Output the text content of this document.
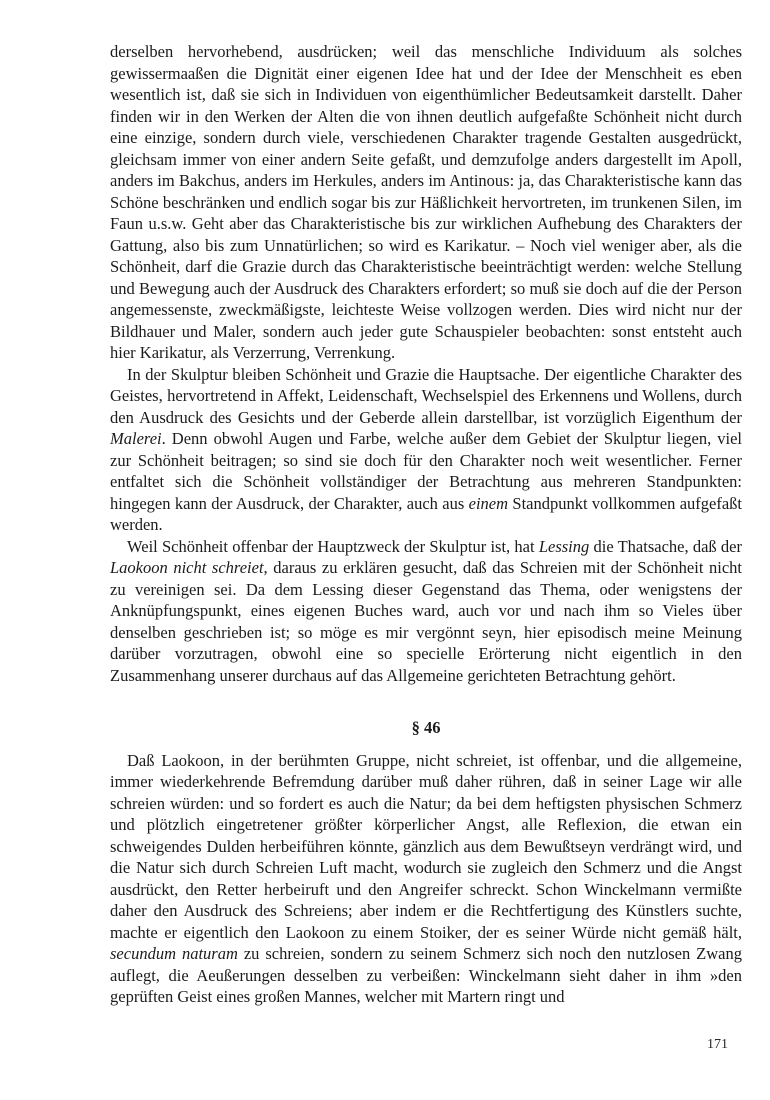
derselben hervorhebend, ausdrücken; weil das menschliche Individuum als solches gewissermaaßen die Dignität einer eigenen Idee hat und der Idee der Menschheit es eben wesentlich ist, daß sie sich in Individuen von eigenthümlicher Bedeutsamkeit darstellt. Daher finden wir in den Werken der Alten die von ihnen deutlich aufgefaßte Schönheit nicht durch eine einzige, sondern durch viele, verschiedenen Charakter tragende Gestalten ausgedrückt, gleichsam immer von einer andern Seite gefaßt, und demzufolge anders dargestellt im Apoll, anders im Bakchus, anders im Herkules, anders im Antinous: ja, das Charakteristische kann das Schöne beschränken und endlich sogar bis zur Häßlichkeit hervortreten, im trunkenen Silen, im Faun u.s.w. Geht aber das Charakteristische bis zur wirklichen Aufhebung des Charakters der Gattung, also bis zum Unnatürlichen; so wird es Karikatur. – Noch viel weniger aber, als die Schönheit, darf die Grazie durch das Charakteristische beeinträchtigt werden: welche Stellung und Bewegung auch der Ausdruck des Charakters erfordert; so muß sie doch auf die der Person angemessenste, zweckmäßigste, leichteste Weise vollzogen werden. Dies wird nicht nur der Bildhauer und Maler, sondern auch jeder gute Schauspieler beobachten: sonst entsteht auch hier Karikatur, als Verzerrung, Verrenkung.

In der Skulptur bleiben Schönheit und Grazie die Hauptsache. Der eigentliche Charakter des Geistes, hervortretend in Affekt, Leidenschaft, Wechselspiel des Erkennens und Wollens, durch den Ausdruck des Gesichts und der Geberde allein darstellbar, ist vorzüglich Eigenthum der Malerei. Denn obwohl Augen und Farbe, welche außer dem Gebiet der Skulptur liegen, viel zur Schönheit beitragen; so sind sie doch für den Charakter noch weit wesentlicher. Ferner entfaltet sich die Schönheit vollständiger der Betrachtung aus mehreren Standpunkten: hingegen kann der Ausdruck, der Charakter, auch aus einem Standpunkt vollkommen aufgefaßt werden.

Weil Schönheit offenbar der Hauptzweck der Skulptur ist, hat Lessing die Thatsache, daß der Laokoon nicht schreiet, daraus zu erklären gesucht, daß das Schreien mit der Schönheit nicht zu vereinigen sei. Da dem Lessing dieser Gegenstand das Thema, oder wenigstens der Anknüpfungspunkt, eines eigenen Buches ward, auch vor und nach ihm so Vieles über denselben geschrieben ist; so möge es mir vergönnt seyn, hier episodisch meine Meinung darüber vorzutragen, obwohl eine so specielle Erörterung nicht eigentlich in den Zusammenhang unserer durchaus auf das Allgemeine gerichteten Betrachtung gehört.

§ 46

Daß Laokoon, in der berühmten Gruppe, nicht schreiet, ist offenbar, und die allgemeine, immer wiederkehrende Befremdung darüber muß daher rühren, daß in seiner Lage wir alle schreien würden: und so fordert es auch die Natur; da bei dem heftigsten physischen Schmerz und plötzlich eingetretener größter körperlicher Angst, alle Reflexion, die etwan ein schweigendes Dulden herbeiführen könnte, gänzlich aus dem Bewußtseyn verdrängt wird, und die Natur sich durch Schreien Luft macht, wodurch sie zugleich den Schmerz und die Angst ausdrückt, den Retter herbeiruft und den Angreifer schreckt. Schon Winckelmann vermißte daher den Ausdruck des Schreiens; aber indem er die Rechtfertigung des Künstlers suchte, machte er eigentlich den Laokoon zu einem Stoiker, der es seiner Würde nicht gemäß hält, secundum naturam zu schreien, sondern zu seinem Schmerz sich noch den nutzlosen Zwang auflegt, die Aeußerungen desselben zu verbeißen: Winckelmann sieht daher in ihm »den geprüften Geist eines großen Mannes, welcher mit Martern ringt und

171
